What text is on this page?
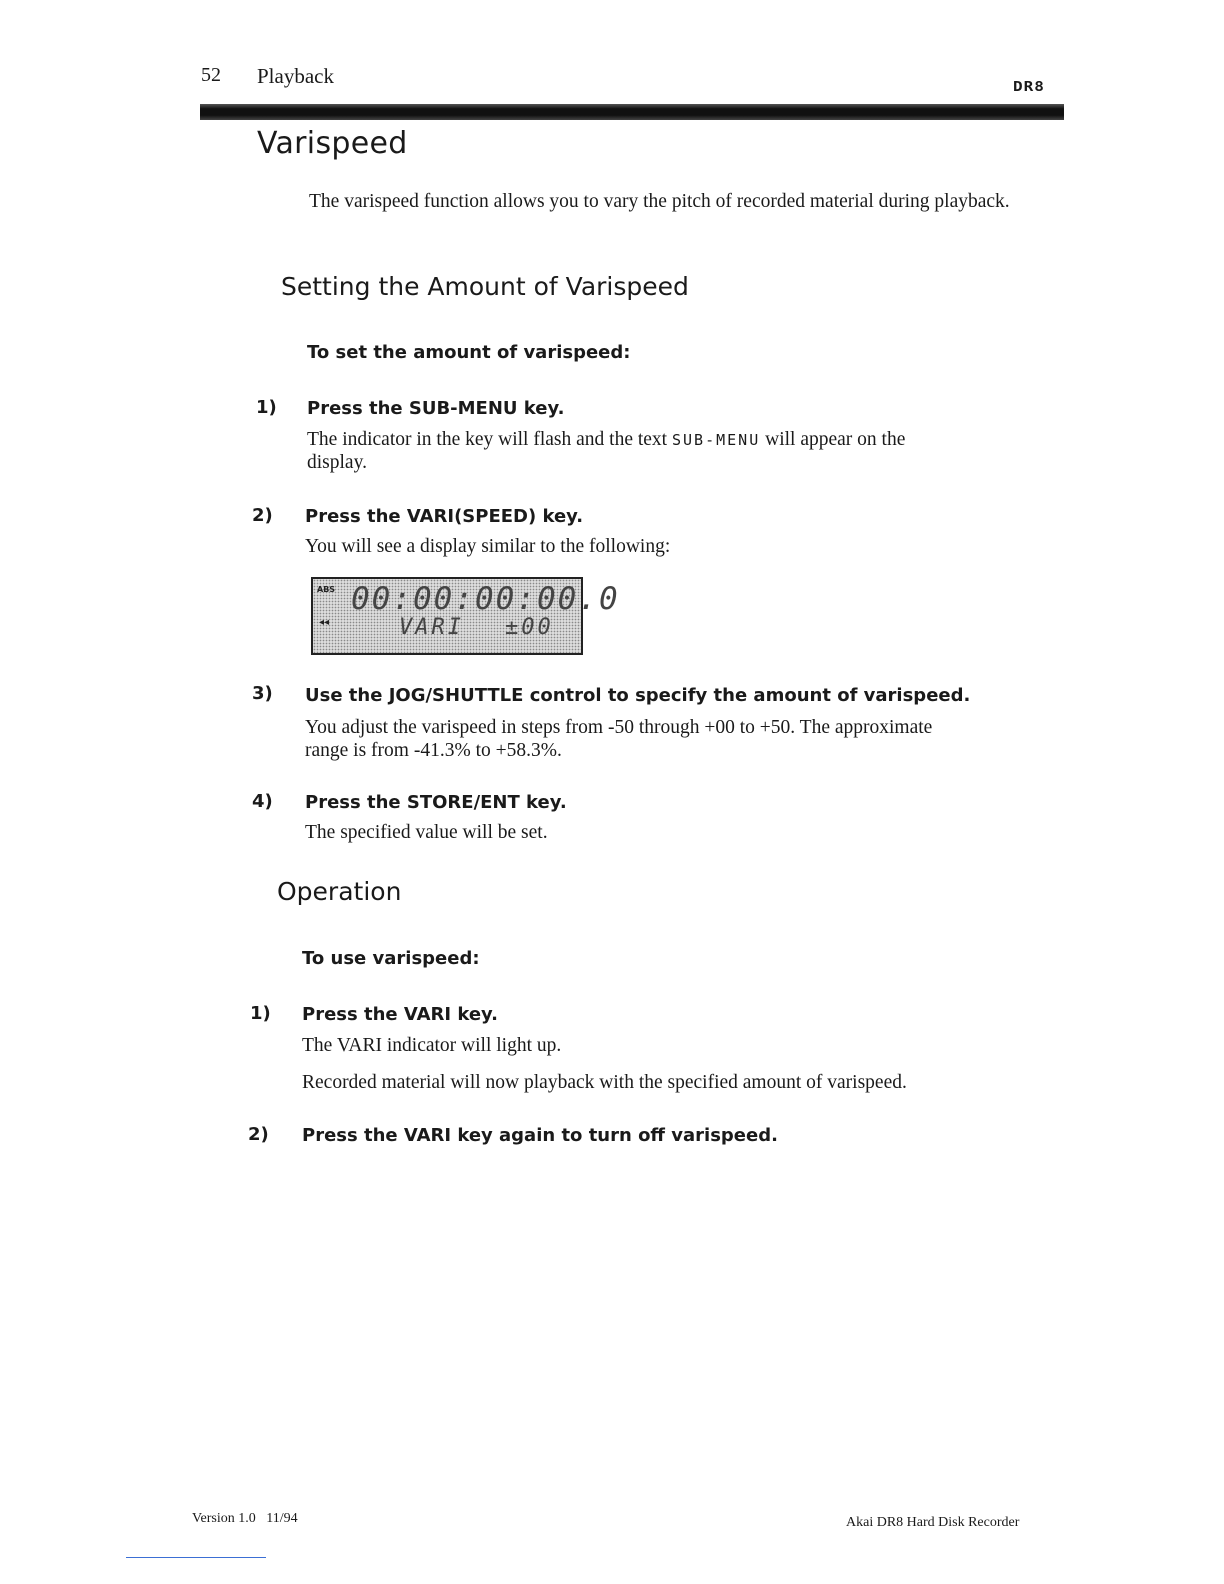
52 Playback	DR8
Varispeed
The varispeed function allows you to vary the pitch of recorded material during playback.
Setting the Amount of Varispeed
To set the amount of varispeed:
1) Press the SUB-MENU key.
The indicator in the key will flash and the text SUB-MENU will appear on the
display.
2) Press the VARI(SPEED) key.
You will see a display similar to the following:
ABS
◂◂
00:00:00:00.0
VARI ±00
3) Use the JOG/SHUTTLE control to specify the amount of varispeed.
You adjust the varispeed in steps from -50 through +00 to +50. The approximate
range is from -41.3% to +58.3%.
4) Press the STORE/ENT key.
The specified value will be set.
Operation
To use varispeed:
1) Press the VARI key.
The VARI indicator will light up.
Recorded material will now playback with the specified amount of varispeed.
2) Press the VARI key again to turn off varispeed.
Version 1.0   11/94	Akai DR8 Hard Disk Recorder
